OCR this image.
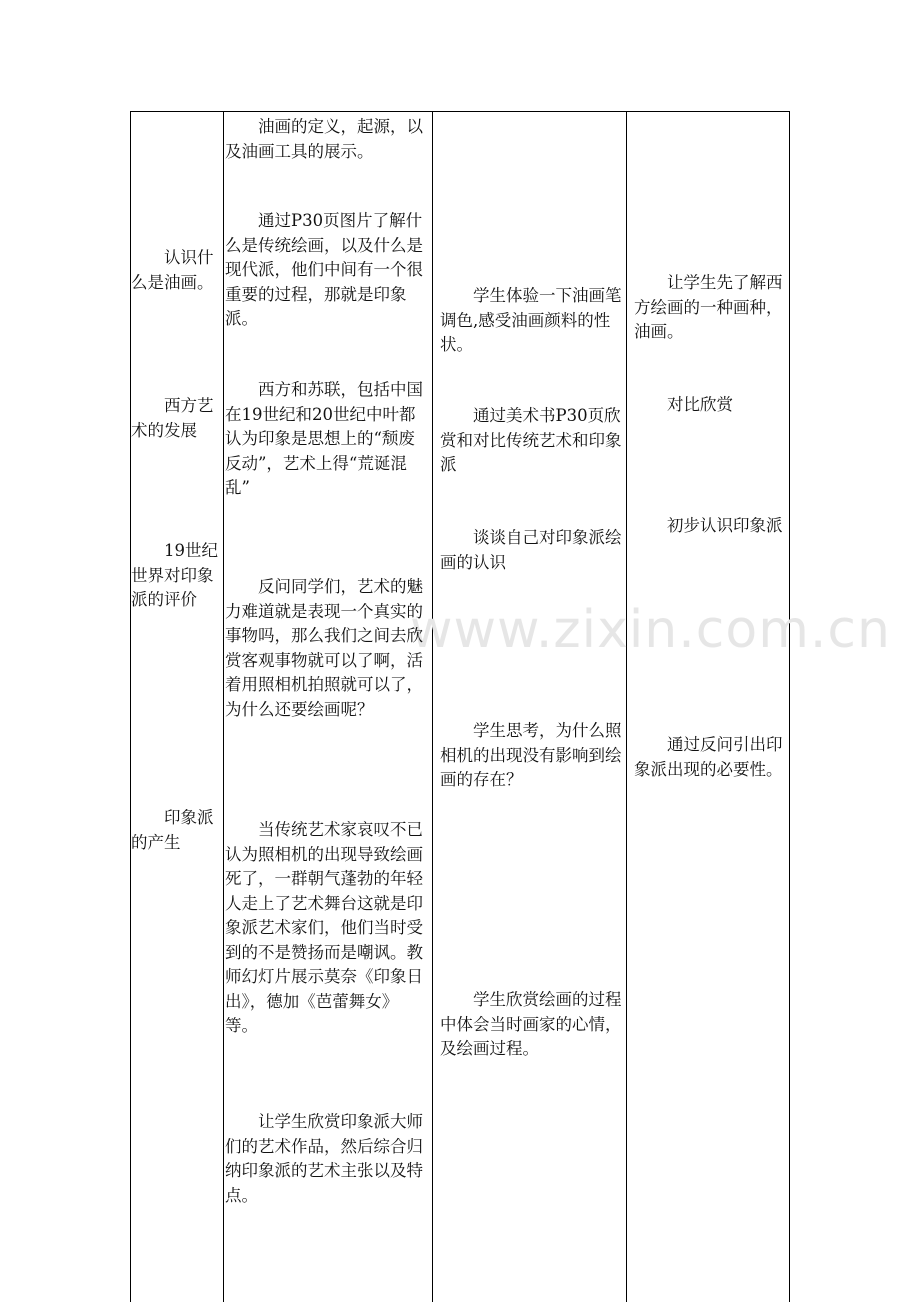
www.zixin.com.cn
认识什么是油画。
西方艺术的发展
19世纪世界对印象派的评价
印象派的产生
油画的定义，起源，以及油画工具的展示。
通过P30页图片了解什么是传统绘画，以及什么是现代派，他们中间有一个很重要的过程，那就是印象派。
西方和苏联，包括中国在19世纪和20世纪中叶都认为印象是思想上的“颓废反动”，艺术上得“荒诞混乱”
反问同学们，艺术的魅力难道就是表现一个真实的事物吗，那么我们之间去欣赏客观事物就可以了啊，活着用照相机拍照就可以了，为什么还要绘画呢？
当传统艺术家哀叹不已认为照相机的出现导致绘画死了，一群朝气蓬勃的年轻人走上了艺术舞台这就是印象派艺术家们，他们当时受到的不是赞扬而是嘲讽。教师幻灯片展示莫奈《印象日出》，德加《芭蕾舞女》等。
让学生欣赏印象派大师们的艺术作品，然后综合归纳印象派的艺术主张以及特点。
学生体验一下油画笔调色,感受油画颜料的性状。
通过美术书P30页欣赏和对比传统艺术和印象派
谈谈自己对印象派绘画的认识
学生思考，为什么照相机的出现没有影响到绘画的存在？
学生欣赏绘画的过程中体会当时画家的心情，及绘画过程。
让学生先了解西方绘画的一种画种，油画。
对比欣赏
初步认识印象派
通过反问引出印象派出现的必要性。
